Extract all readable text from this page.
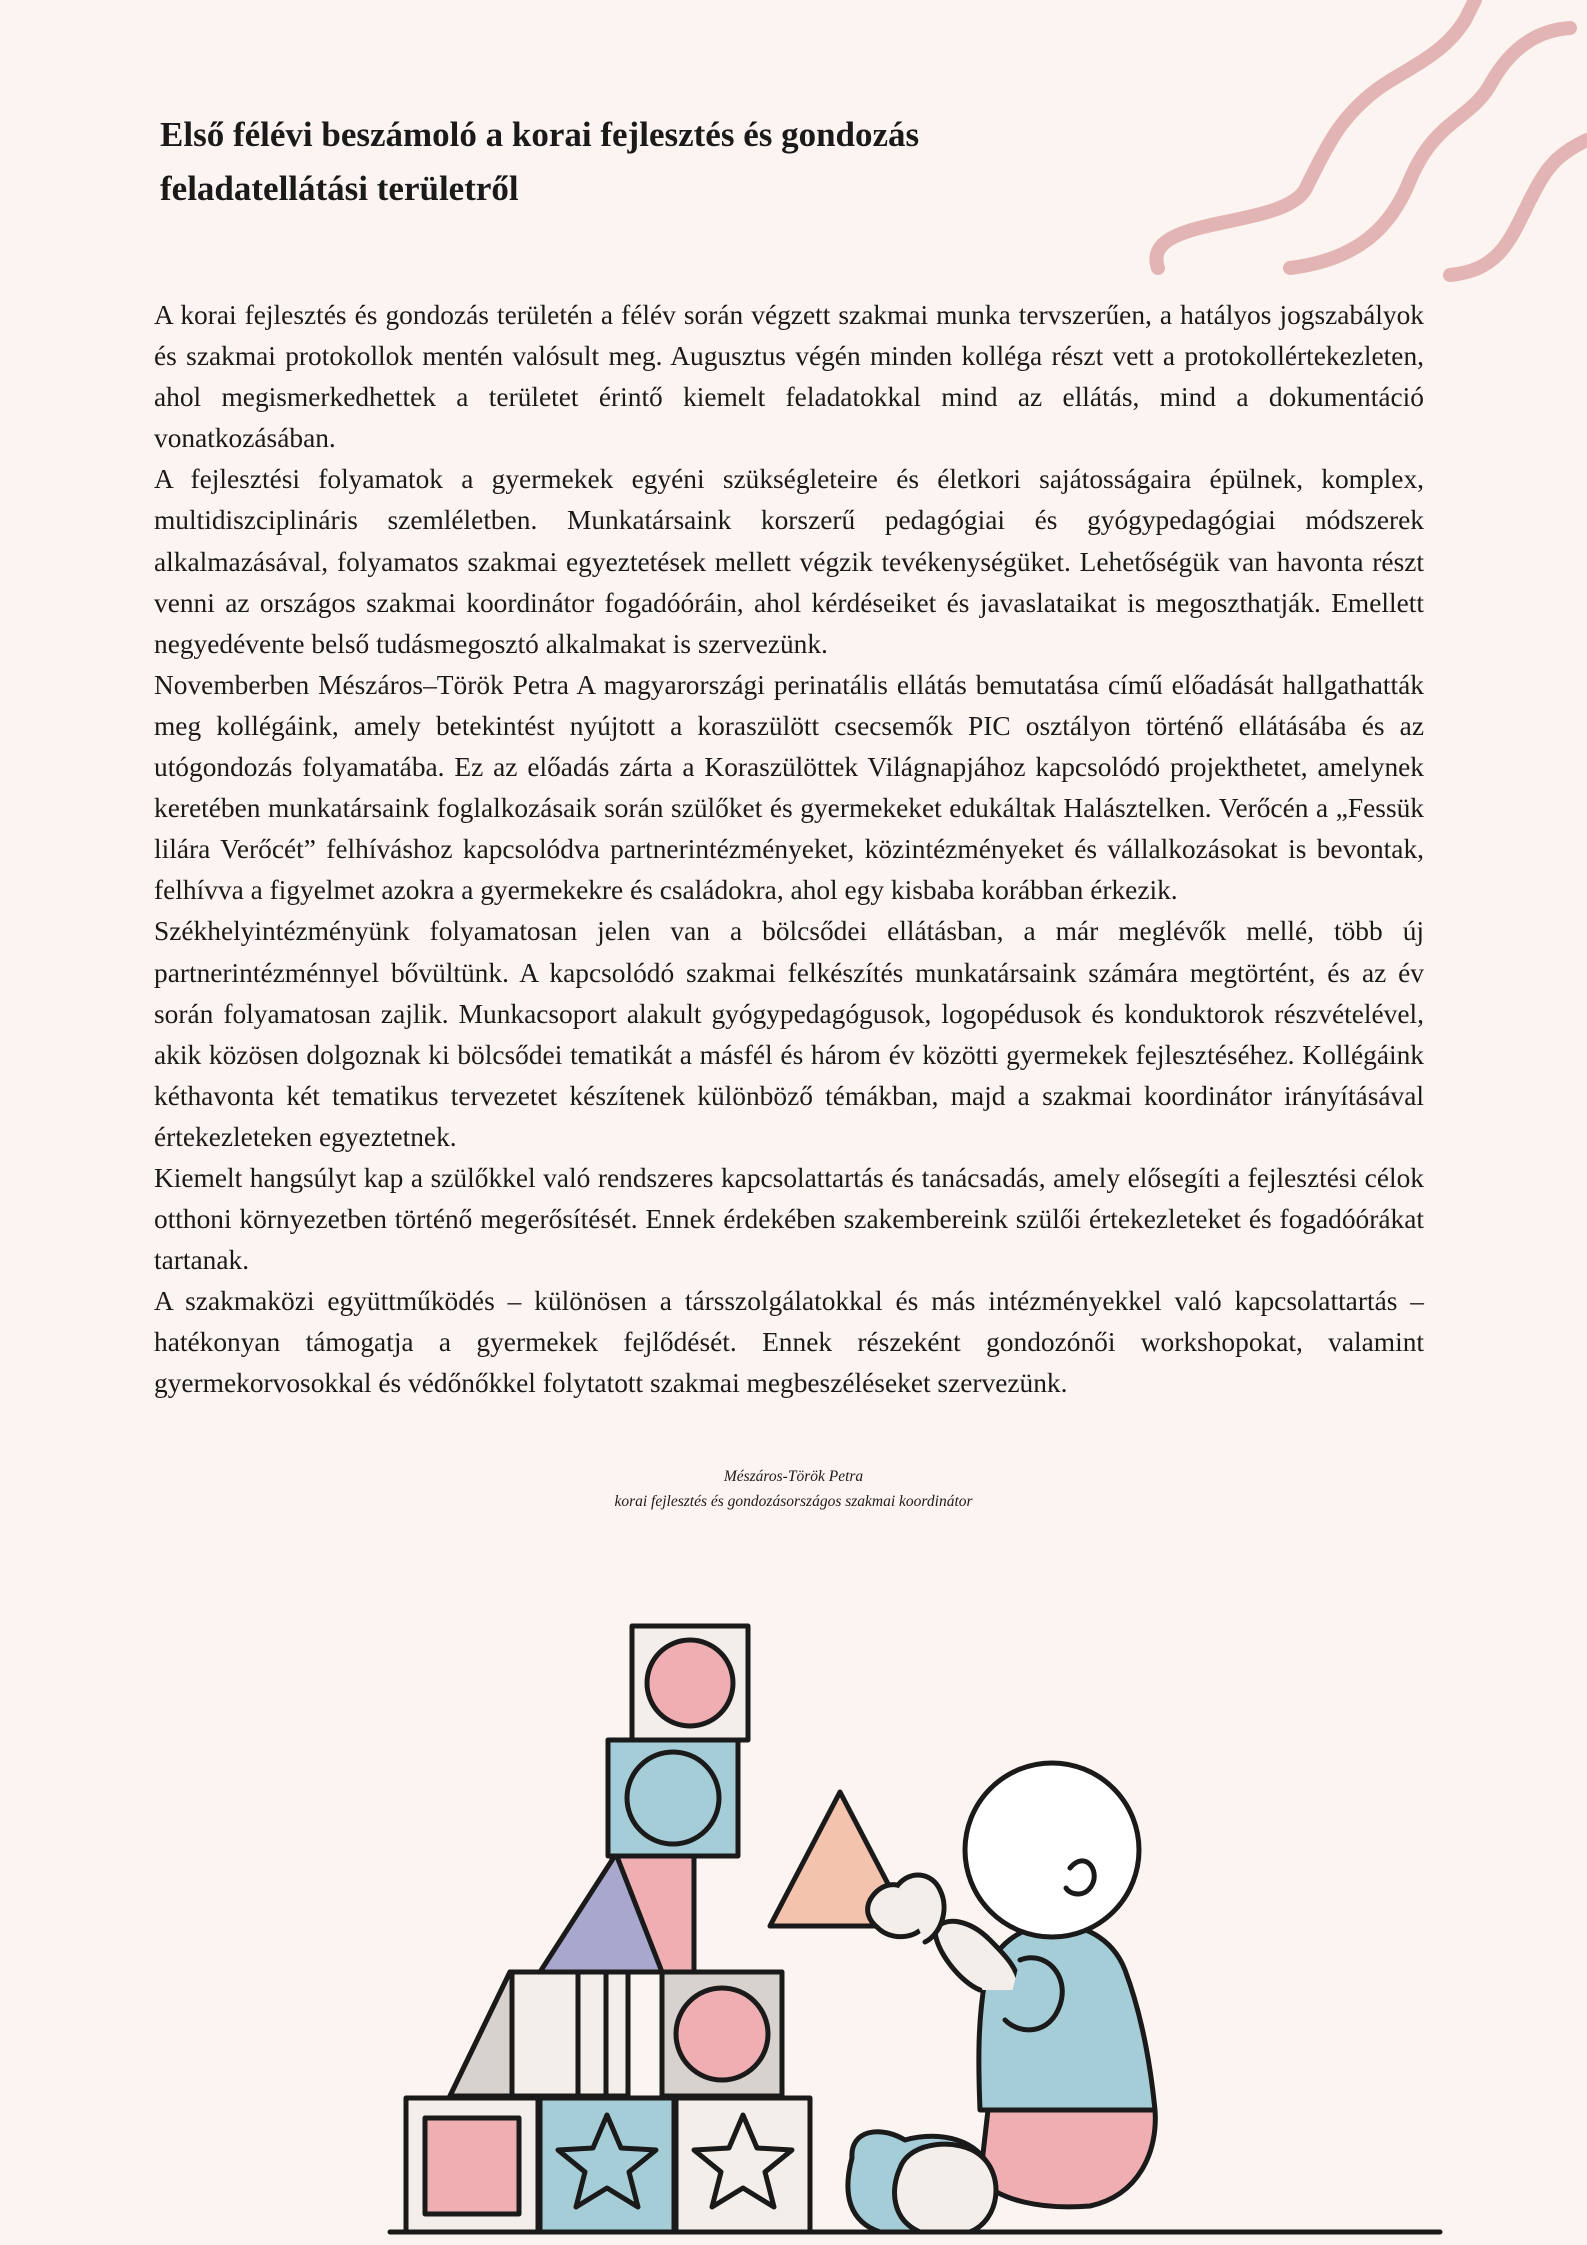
Első félévi beszámoló a korai fejlesztés és gondozás
feladatellátási területről

A korai fejlesztés és gondozás területén a félév során végzett szakmai munka tervszerűen, a hatályos jogszabályok és szakmai protokollok mentén valósult meg. Augusztus végén minden kolléga részt vett a protokollértekezleten, ahol megismerkedhettek a területet érintő kiemelt feladatokkal mind az ellátás, mind a dokumentáció vonatkozásában.

A fejlesztési folyamatok a gyermekek egyéni szükségleteire és életkori sajátosságaira épülnek, komplex, multidiszciplináris szemléletben. Munkatársaink korszerű pedagógiai és gyógypedagógiai módszerek alkalmazásával, folyamatos szakmai egyeztetések mellett végzik tevékenységüket. Lehetőségük van havonta részt venni az országos szakmai koordinátor fogadóóráin, ahol kérdéseiket és javaslataikat is megoszthatják. Emellett negyedévente belső tudásmegosztó alkalmakat is szervezünk.

Novemberben Mészáros–Török Petra A magyarországi perinatális ellátás bemutatása című előadását hallgathatták meg kollégáink, amely betekintést nyújtott a koraszülött csecsemők PIC osztályon történő ellátásába és az utógondozás folyamatába. Ez az előadás zárta a Koraszülöttek Világnapjához kapcsolódó projekthetet, amelynek keretében munkatársaink foglalkozásaik során szülőket és gyermekeket edukáltak Halásztelken. Verőcén a „Fessük lilára Verőcét” felhíváshoz kapcsolódva partnerintézményeket, közintézményeket és vállalkozásokat is bevontak, felhívva a figyelmet azokra a gyermekekre és családokra, ahol egy kisbaba korábban érkezik.

Székhelyintézményünk folyamatosan jelen van a bölcsődei ellátásban, a már meglévők mellé, több új partnerintézménnyel bővültünk. A kapcsolódó szakmai felkészítés munkatársaink számára megtörtént, és az év során folyamatosan zajlik. Munkacsoport alakult gyógypedagógusok, logopédusok és konduktorok részvételével, akik közösen dolgoznak ki bölcsődei tematikát a másfél és három év közötti gyermekek fejlesztéséhez. Kollégáink kéthavonta két tematikus tervezetet készítenek különböző témákban, majd a szakmai koordinátor irányításával értekezleteken egyeztetnek.

Kiemelt hangsúlyt kap a szülőkkel való rendszeres kapcsolattartás és tanácsadás, amely elősegíti a fejlesztési célok otthoni környezetben történő megerősítését. Ennek érdekében szakembereink szülői értekezleteket és fogadóórákat tartanak.

A szakmaközi együttműködés – különösen a társszolgálatokkal és más intézményekkel való kapcsolattartás – hatékonyan támogatja a gyermekek fejlődését. Ennek részeként gondozónői workshopokat, valamint gyermekorvosokkal és védőnőkkel folytatott szakmai megbeszéléseket szervezünk.

Mészáros-Török Petra
korai fejlesztés és gondozásországos szakmai koordinátor
